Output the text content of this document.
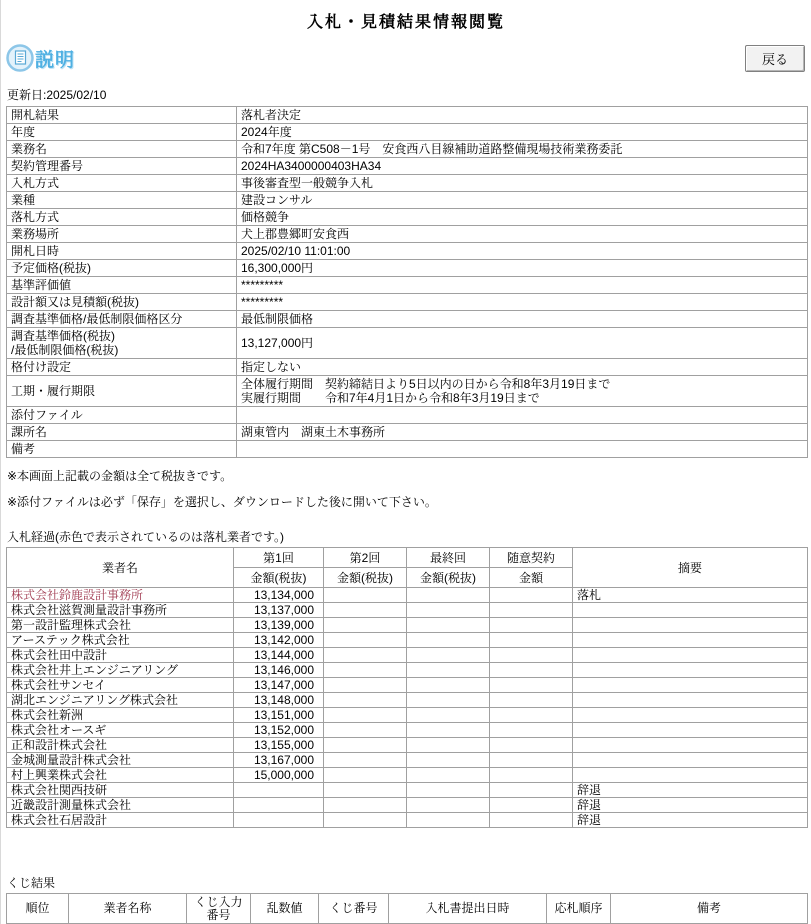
入札・見積結果情報閲覧
説明	戻る
更新日:2025/02/10
開札結果	落札者決定

年度	2024年度

業務名	令和7年度 第C508－1号　安食西八目線補助道路整備現場技術業務委託

契約管理番号	2024HA3400000403HA34

入札方式	事後審査型一般競争入札

業種	建設コンサル

落札方式	価格競争

業務場所	犬上郡豊郷町安食西

開札日時	2025/02/10 11:01:00

予定価格(税抜)	16,300,000円

基準評価値	*********

設計額又は見積額(税抜)	*********

調査基準価格/最低制限価格区分	最低制限価格

調査基準価格(税抜)
/最低制限価格(税抜)	13,127,000円

格付け設定	指定しない

工期・履行期限	全体履行期間　契約締結日より5日以内の日から令和8年3月19日まで
実履行期間　　令和7年4月1日から令和8年3月19日まで

添付ファイル	

課所名	湖東管内　湖東土木事務所

備考	

※本画面上記載の金額は全て税抜きです。
※添付ファイルは必ず「保存」を選択し、ダウンロードした後に開いて下さい。
入札経過(赤色で表示されているのは落札業者です。)
業者名	第1回	第2回	最終回	随意契約	摘要
	金額(税抜)	金額(税抜)	金額(税抜)	金額	
株式会社鈴鹿設計事務所	13,134,000				落札
株式会社滋賀測量設計事務所	13,137,000				
第一設計監理株式会社	13,139,000				
アーステック株式会社	13,142,000				
株式会社田中設計	13,144,000				
株式会社井上エンジニアリング	13,146,000				
株式会社サンセイ	13,147,000				
湖北エンジニアリング株式会社	13,148,000				
株式会社新洲	13,151,000				
株式会社オースギ	13,152,000				
正和設計株式会社	13,155,000				
金城測量設計株式会社	13,167,000				
村上興業株式会社	15,000,000				
株式会社関西技研					辞退
近畿設計測量株式会社					辞退
株式会社石居設計					辞退
くじ結果
順位	業者名称	くじ入力番号	乱数値	くじ番号	入札書提出日時	応札順序	備考
